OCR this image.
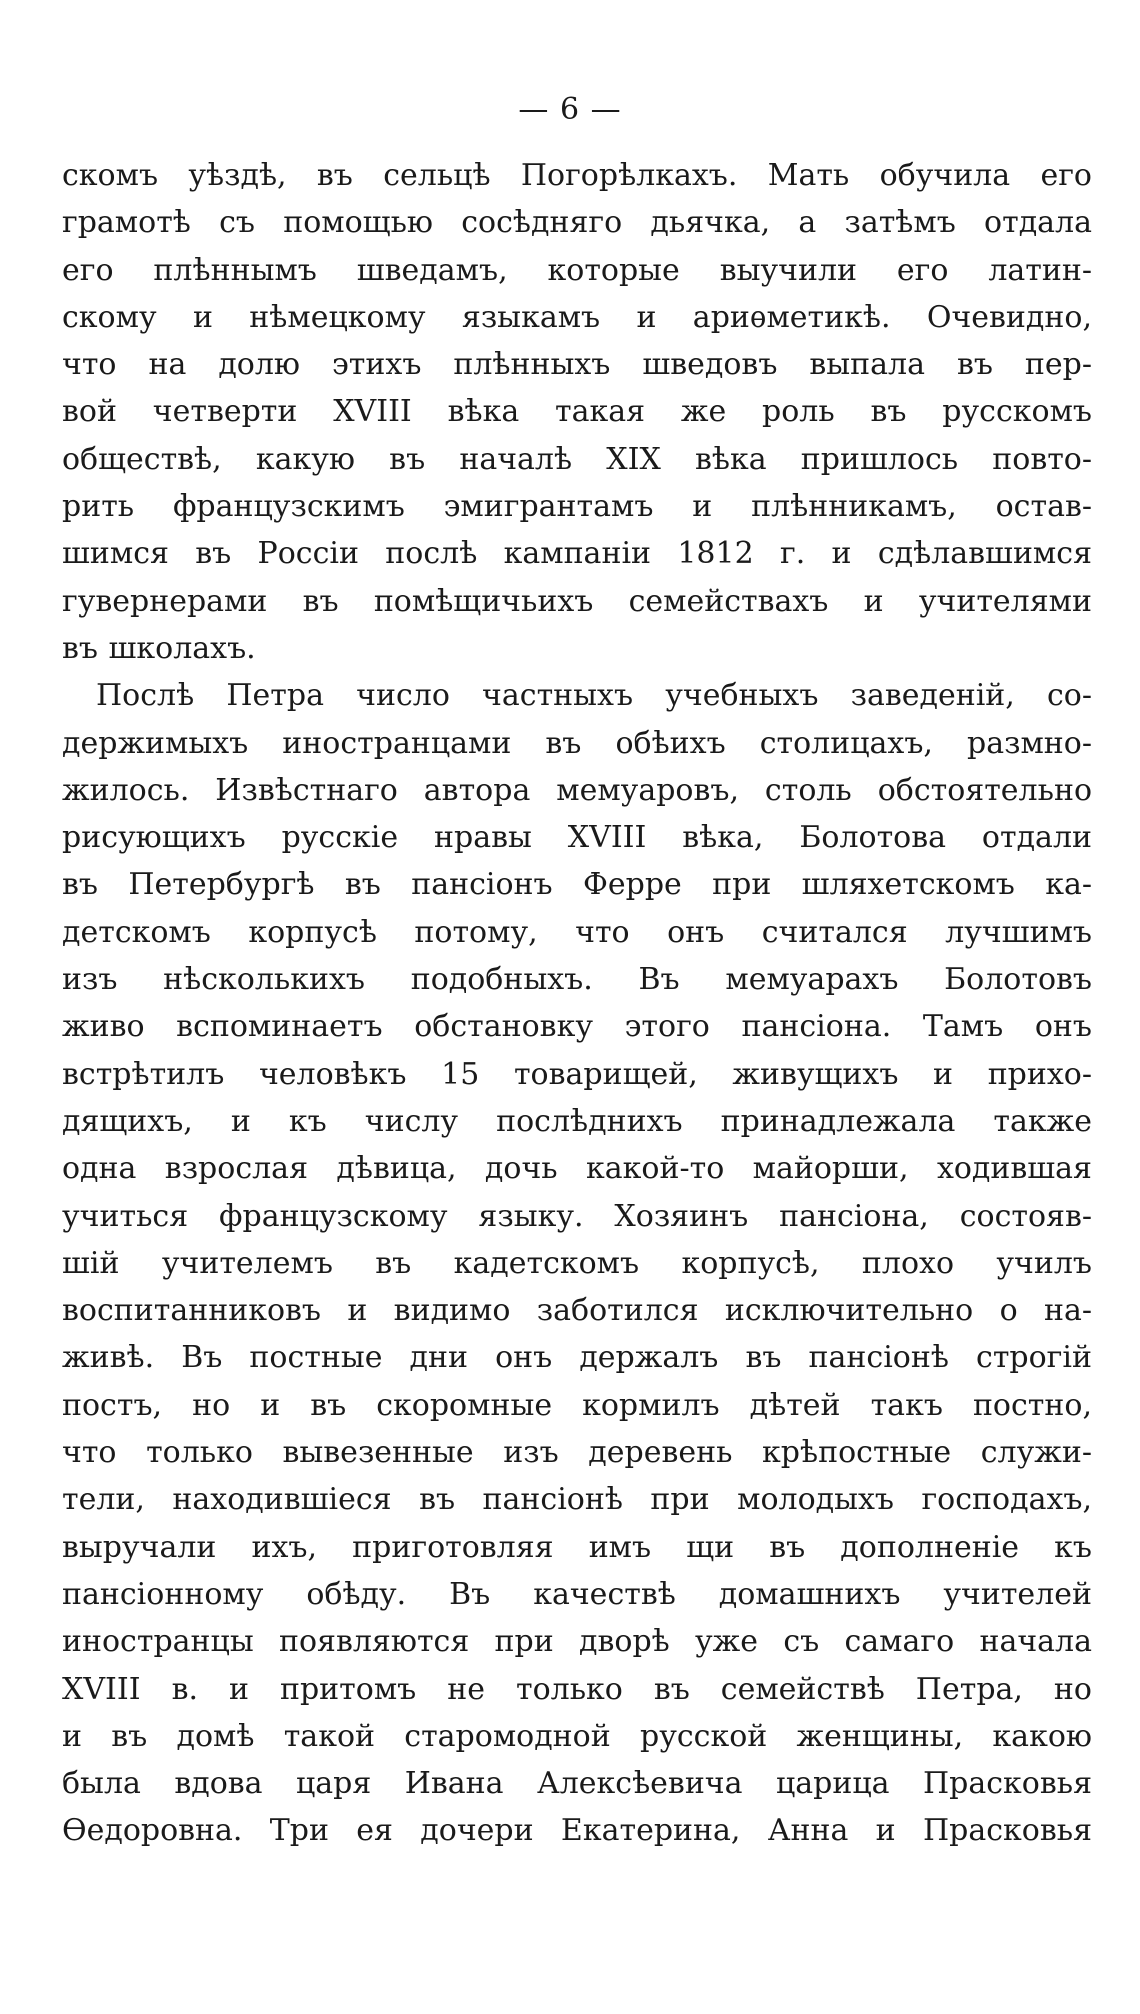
— 6 —
скомъ уѣздѣ, въ сельцѣ Погорѣлкахъ. Мать обучила его
грамотѣ съ помощью сосѣдняго дьячка, а затѣмъ отдала
его плѣннымъ шведамъ, которые выучили его латин-
скому и нѣмецкому языкамъ и ариѳметикѣ. Очевидно,
что на долю этихъ плѣнныхъ шведовъ выпала въ пер-
вой четверти XVIII вѣка такая же роль въ русскомъ
обществѣ, какую въ началѣ XIX вѣка пришлось повто-
рить французскимъ эмигрантамъ и плѣнникамъ, остав-
шимся въ Россіи послѣ кампаніи 1812 г. и сдѣлавшимся
гувернерами въ помѣщичьихъ семействахъ и учителями
въ школахъ.
Послѣ Петра число частныхъ учебныхъ заведеній, со-
держимыхъ иностранцами въ обѣихъ столицахъ, размно-
жилось. Извѣстнаго автора мемуаровъ, столь обстоятельно
рисующихъ русскіе нравы XVIII вѣка, Болотова отдали
въ Петербургѣ въ пансіонъ Ферре при шляхетскомъ ка-
детскомъ корпусѣ потому, что онъ считался лучшимъ
изъ нѣсколькихъ подобныхъ. Въ мемуарахъ Болотовъ
живо вспоминаетъ обстановку этого пансіона. Тамъ онъ
встрѣтилъ человѣкъ 15 товарищей, живущихъ и прихо-
дящихъ, и къ числу послѣднихъ принадлежала также
одна взрослая дѣвица, дочь какой-то майорши, ходившая
учиться французскому языку. Хозяинъ пансіона, состояв-
шій учителемъ въ кадетскомъ корпусѣ, плохо училъ
воспитанниковъ и видимо заботился исключительно о на-
живѣ. Въ постные дни онъ держалъ въ пансіонѣ строгій
постъ, но и въ скоромные кормилъ дѣтей такъ постно,
что только вывезенные изъ деревень крѣпостные служи-
тели, находившіеся въ пансіонѣ при молодыхъ господахъ,
выручали ихъ, приготовляя имъ щи въ дополненіе къ
пансіонному обѣду. Въ качествѣ домашнихъ учителей
иностранцы появляются при дворѣ уже съ самаго начала
XVIII в. и притомъ не только въ семействѣ Петра, но
и въ домѣ такой старомодной русской женщины, какою
была вдова царя Ивана Алексѣевича царица Прасковья
Ѳедоровна. Три ея дочери Екатерина, Анна и Прасковья
